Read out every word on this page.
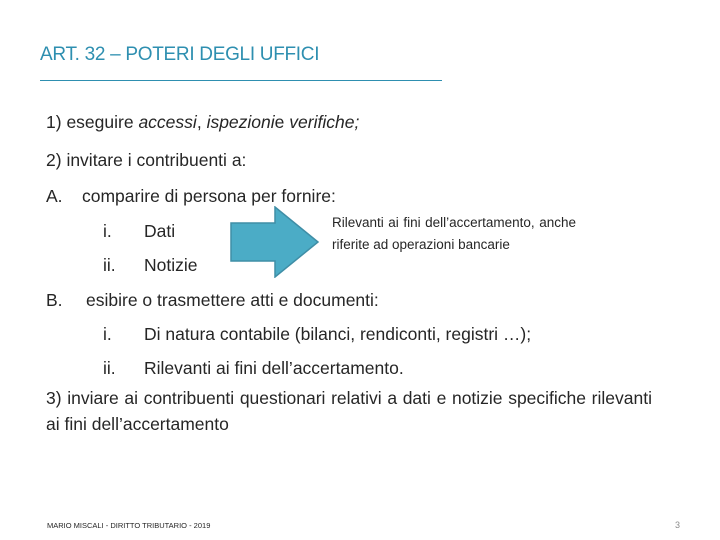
ART. 32 – POTERI DEGLI UFFICI
1) eseguire accessi, ispezionie verifiche;
2) invitare i contribuenti a:
A. comparire di persona per fornire:
i. Dati
ii. Notizie
Rilevanti ai fini dell’accertamento, anche riferite ad operazioni bancarie
B. esibire o trasmettere atti e documenti:
i. Di natura contabile (bilanci, rendiconti, registri …);
ii. Rilevanti ai fini dell’accertamento.
3) inviare ai contribuenti questionari relativi a dati e notizie specifiche rilevanti ai fini dell’accertamento
MARIO MISCALI - DIRITTO TRIBUTARIO - 2019	3
